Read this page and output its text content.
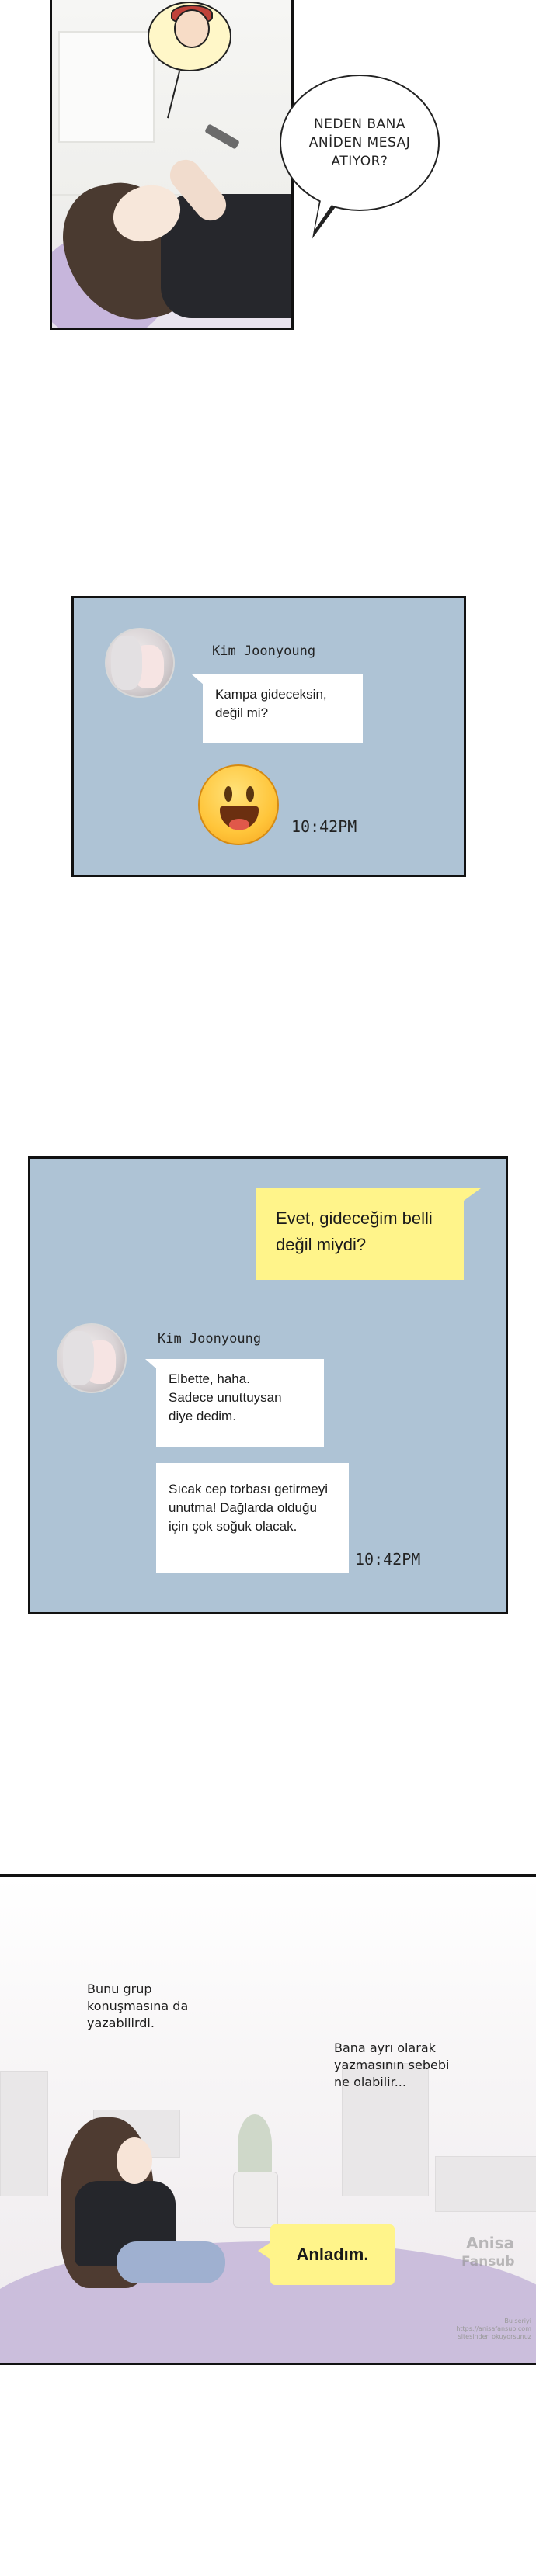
NEDEN BANA
ANİDEN MESAJ
ATIYOR?
Kim Joonyoung
Kampa gideceksin,
değil mi?
10:42PM
Evet, gideceğim belli
değil miydi?
Kim Joonyoung
Elbette, haha.
Sadece unuttuysan
diye dedim.
Sıcak cep torbası getirmeyi
unutma! Dağlarda olduğu
için çok soğuk olacak.
10:42PM
Bunu grup
konuşmasına da
yazabilirdi.
Bana ayrı olarak
yazmasının sebebi
ne olabilir...
Anladım.
Anisa
Fansub
Bu seriyi
https://anisafansub.com
sitesinden okuyorsunuz
